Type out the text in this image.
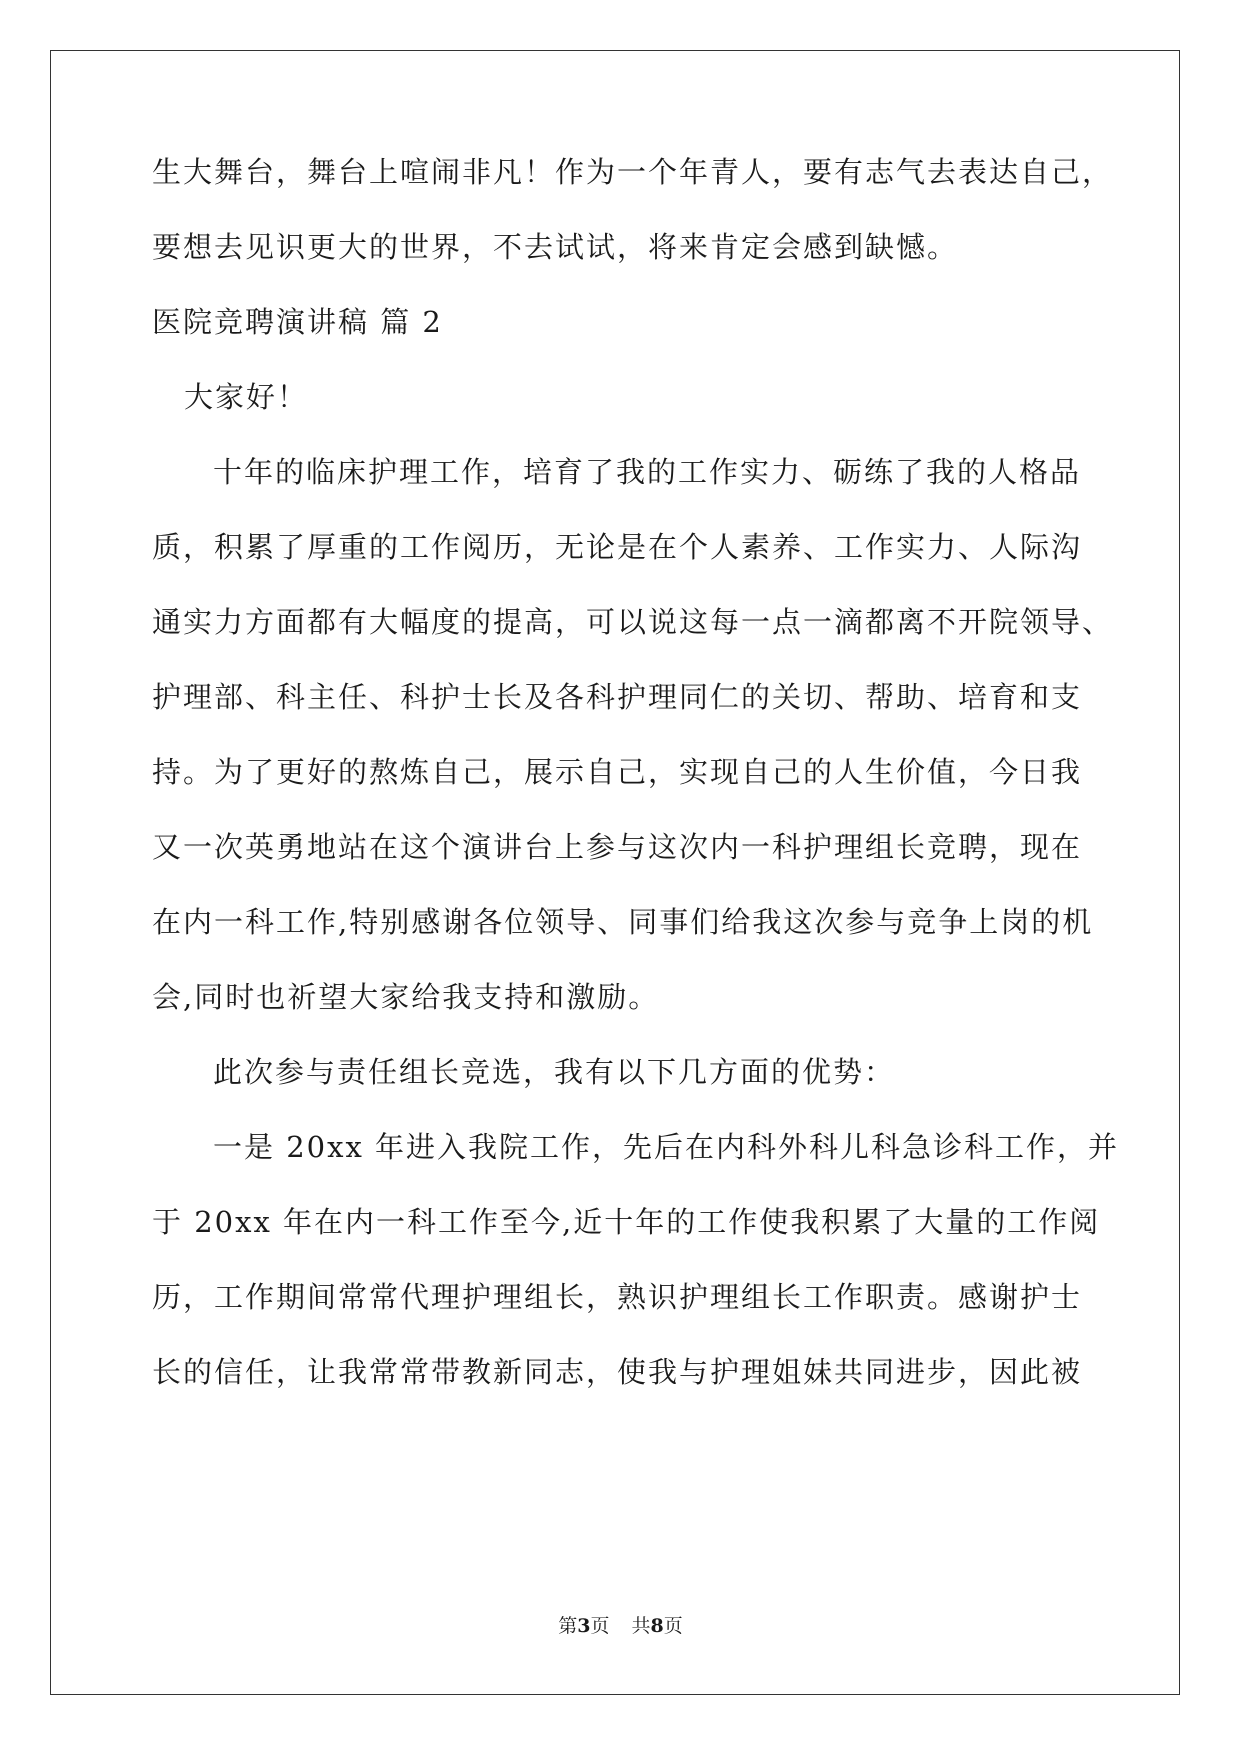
生大舞台，舞台上喧闹非凡！作为一个年青人，要有志气去表达自己，
要想去见识更大的世界，不去试试，将来肯定会感到缺憾。
医院竞聘演讲稿 篇 2
大家好！
十年的临床护理工作，培育了我的工作实力、砺练了我的人格品
质，积累了厚重的工作阅历，无论是在个人素养、工作实力、人际沟
通实力方面都有大幅度的提高，可以说这每一点一滴都离不开院领导、
护理部、科主任、科护士长及各科护理同仁的关切、帮助、培育和支
持。为了更好的熬炼自己，展示自己，实现自己的人生价值，今日我
又一次英勇地站在这个演讲台上参与这次内一科护理组长竞聘，现在
在内一科工作,特别感谢各位领导、同事们给我这次参与竞争上岗的机
会,同时也祈望大家给我支持和激励。
此次参与责任组长竞选，我有以下几方面的优势：
一是 20xx 年进入我院工作，先后在内科外科儿科急诊科工作，并
于 20xx 年在内一科工作至今,近十年的工作使我积累了大量的工作阅
历，工作期间常常代理护理组长，熟识护理组长工作职责。感谢护士
长的信任，让我常常带教新同志，使我与护理姐妹共同进步，因此被
第3页 共8页
